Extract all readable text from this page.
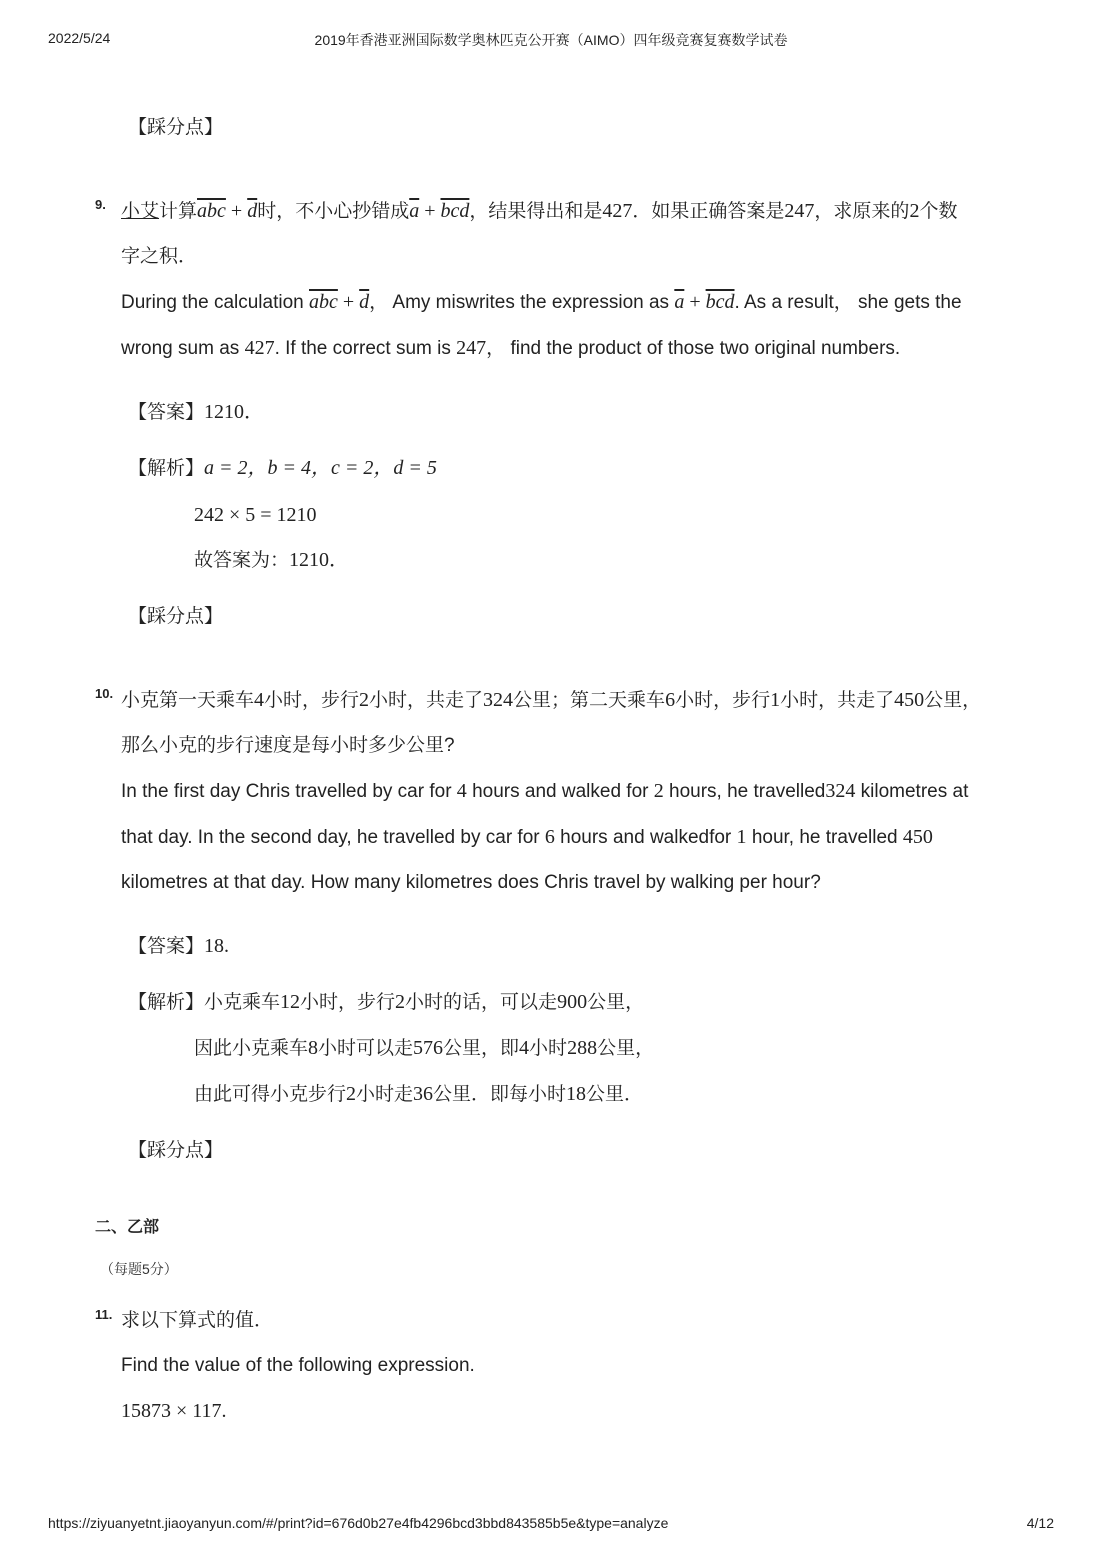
2022/5/24	2019年香港亚洲国际数学奥林匹克公开赛（AIMO）四年级竞赛复赛数学试卷
【踩分点】
9. 小艾计算$\overline{abc} + \overline{d}$时，不小心抄错成$\overline{a} + \overline{bcd}$，结果得出和是427．如果正确答案是247，求原来的2个数
字之积．
During the calculation $\overline{abc} + \overline{d}$， Amy miswrites the expression as $\overline{a} + \overline{bcd}$. As a result， she gets the
wrong sum as 427. If the correct sum is 247， find the product of those two original numbers.
【答案】1210．
【解析】a = 2，b = 4，c = 2，d = 5
242 × 5 = 1210
故答案为：1210．
【踩分点】
10. 小克第一天乘车4小时，步行2小时，共走了324公里；第二天乘车6小时，步行1小时，共走了450公里，
那么小克的步行速度是每小时多少公里?
In the first day Chris travelled by car for 4 hours and walked for 2 hours, he travelled324 kilometres at
that day. In the second day, he travelled by car for 6 hours and walkedfor 1 hour, he travelled 450
kilometres at that day. How many kilometres does Chris travel by walking per hour?
【答案】18.
【解析】小克乘车12小时，步行2小时的话，可以走900公里，
因此小克乘车8小时可以走576公里，即4小时288公里，
由此可得小克步行2小时走36公里．即每小时18公里．
【踩分点】
二、乙部
（每题5分）
11. 求以下算式的值．
Find the value of the following expression.
15873 × 117.
https://ziyuanyetnt.jiaoyanyun.com/#/print?id=676d0b27e4fb4296bcd3bbd843585b5e&type=analyze	4/12
